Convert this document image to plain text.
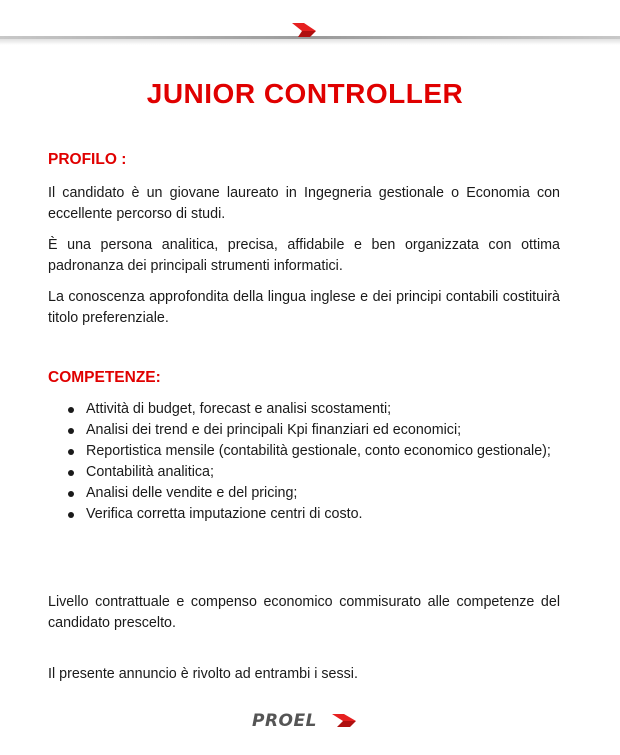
JUNIOR CONTROLLER
PROFILO :

Il candidato è un giovane laureato in Ingegneria gestionale o Economia con eccellente percorso di studi.

È una persona analitica, precisa, affidabile e ben organizzata con ottima padronanza dei principali strumenti informatici.

La conoscenza approfondita della lingua inglese e dei principi contabili costituirà titolo preferenziale.

COMPETENZE:
Attività di budget, forecast e analisi scostamenti;
Analisi dei trend e dei principali Kpi finanziari ed economici;
Reportistica mensile (contabilità gestionale, conto economico gestionale);
Contabilità analitica;
Analisi delle vendite e del pricing;
Verifica corretta imputazione centri di costo.

Livello contrattuale e compenso economico commisurato alle competenze del candidato prescelto.

Il presente annuncio è rivolto ad entrambi i sessi.

PROEL
